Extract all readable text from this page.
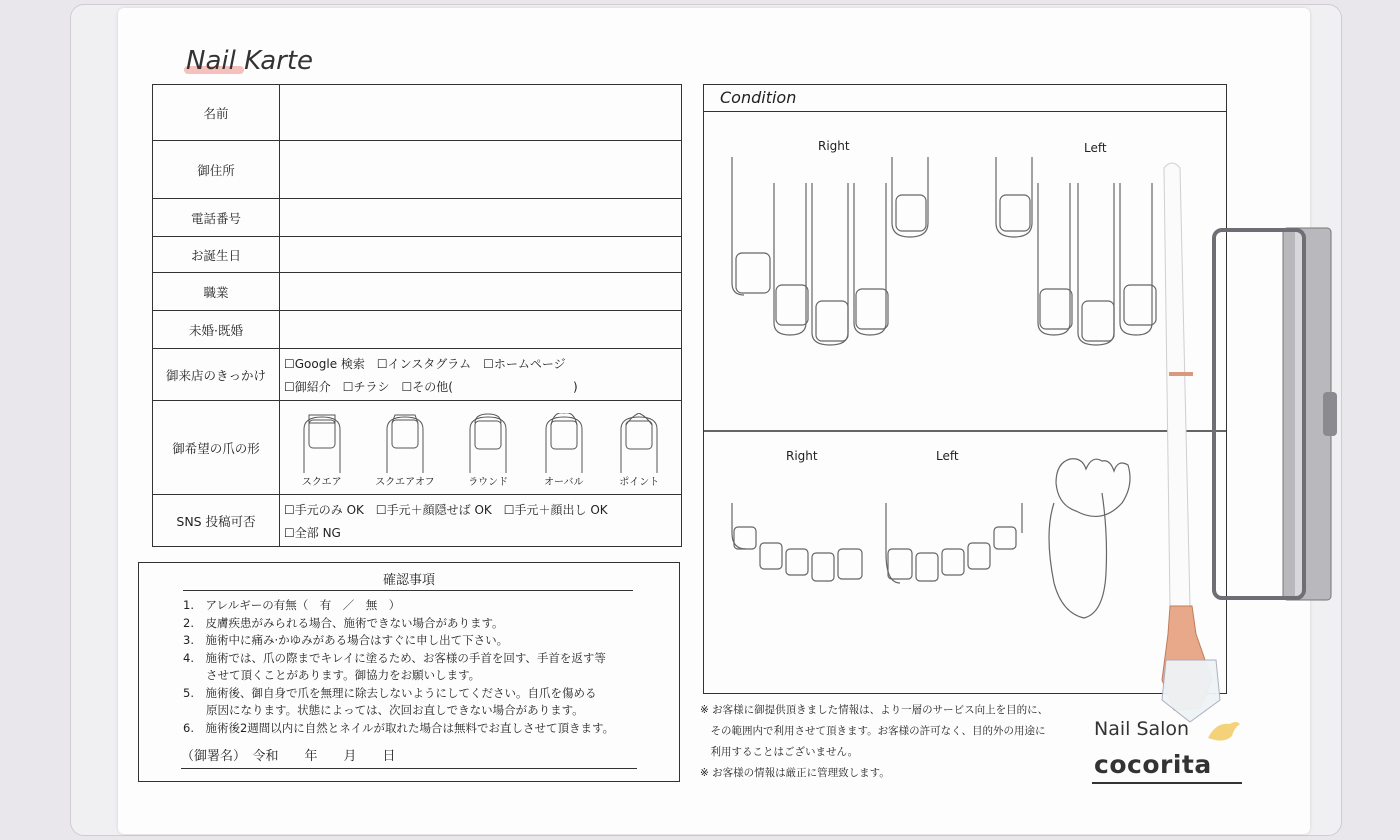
Nail Karte
名前	
御住所	
電話番号	
お誕生日	
職業	
未婚·既婚	
御来店のきっかけ	☐Google 検索　☐インスタグラム　☐ホームページ
☐御紹介　☐チラシ　☐その他(　　　　　　　　　　)

御希望の爪の形	スクエア スクエアオフ ラウンド オーバル ポイント

SNS 投稿可否	☐手元のみ OK　☐手元＋顔隠せば OK　☐手元＋顔出し OK
☐全部 NG
確認事項
1.　アレルギーの有無（　有　／　無　）
2.　皮膚疾患がみられる場合、施術できない場合があります。
3.　施術中に痛み·かゆみがある場合はすぐに申し出て下さい。
4.　施術では、爪の際までキレイに塗るため、お客様の手首を回す、手首を返す等
　　させて頂くことがあります。御協力をお願いします。
5.　施術後、御自身で爪を無理に除去しないようにしてください。自爪を傷める
　　原因になります。状態によっては、次回お直しできない場合があります。
6.　施術後2週間以内に自然とネイルが取れた場合は無料でお直しさせて頂きます。
（御署名）　令和　　年　　月　　日
Condition
Right	Left
Right	Left
※ お客様に御提供頂きました情報は、より一層のサービス向上を目的に、
　その範囲内で利用させて頂きます。お客様の許可なく、目的外の用途に
　利用することはございません。
※ お客様の情報は厳正に管理致します。
Nail Salon
cocorita
